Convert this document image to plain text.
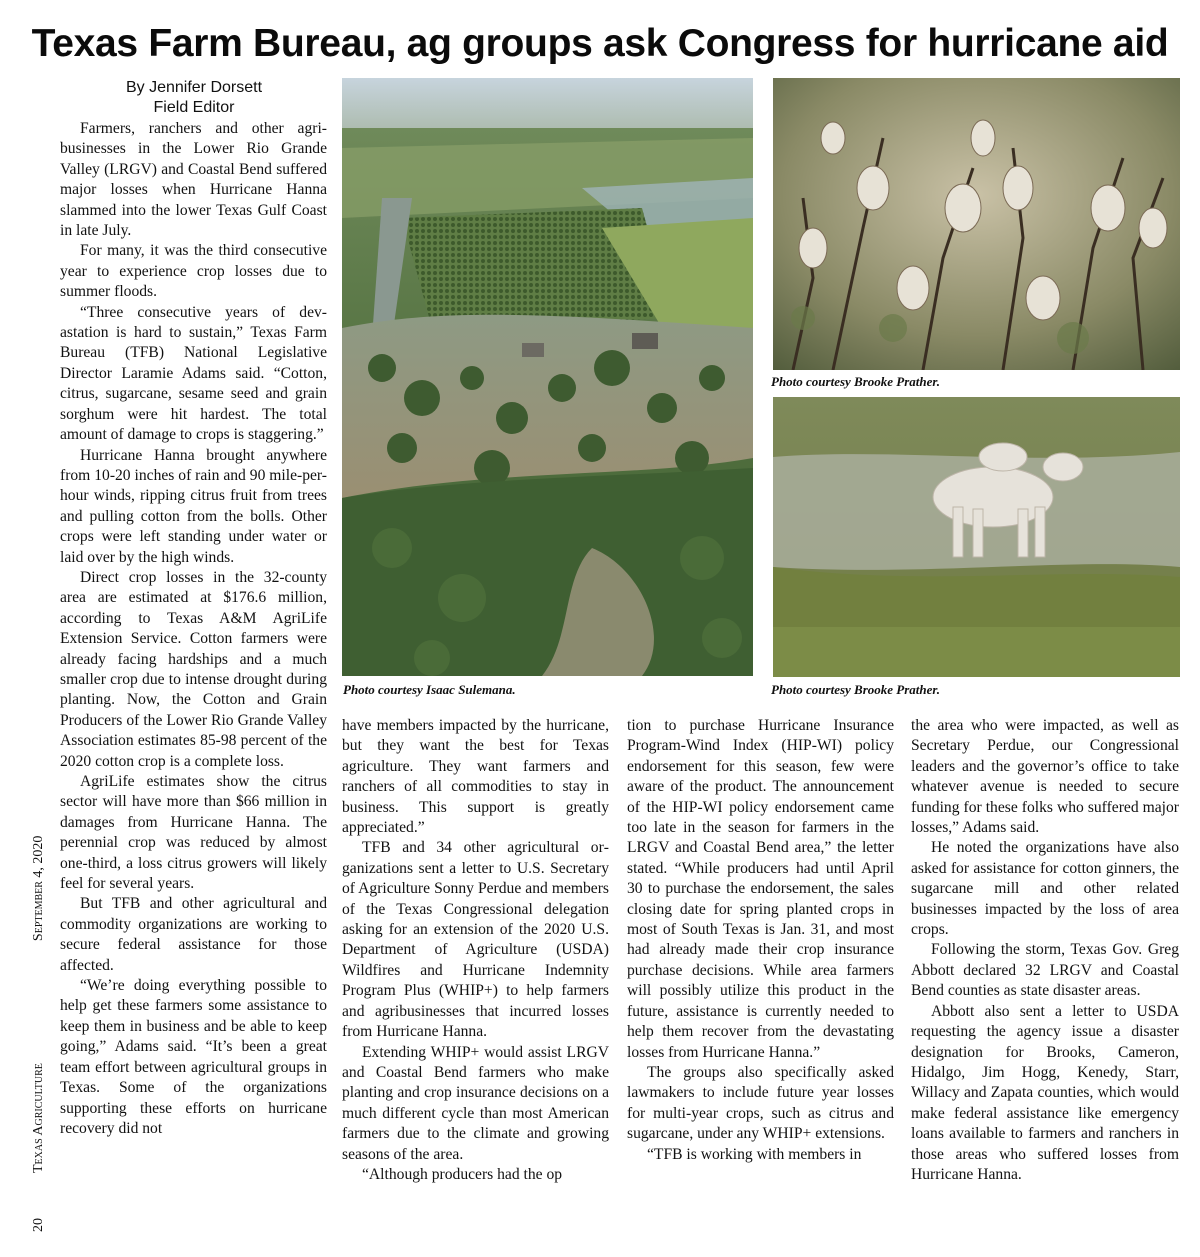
Texas Farm Bureau, ag groups ask Congress for hurricane aid
By Jennifer Dorsett
Field Editor

Farmers, ranchers and other agribusinesses in the Lower Rio Grande Valley (LRGV) and Coastal Bend suffered major losses when Hurricane Hanna slammed into the lower Texas Gulf Coast in late July.

For many, it was the third consecutive year to experience crop losses due to summer floods.

“Three consecutive years of devastation is hard to sustain,” Texas Farm Bureau (TFB) National Legislative Director Laramie Adams said. “Cotton, citrus, sugarcane, sesame seed and grain sorghum were hit hardest. The total amount of damage to crops is staggering.”

Hurricane Hanna brought anywhere from 10-20 inches of rain and 90 mile-per-hour winds, ripping citrus fruit from trees and pulling cotton from the bolls. Other crops were left standing under water or laid over by the high winds.

Direct crop losses in the 32-county area are estimated at $176.6 million, according to Texas A&M AgriLife Extension Service. Cotton farmers were already facing hardships and a much smaller crop due to intense drought during planting. Now, the Cotton and Grain Producers of the Lower Rio Grande Valley Association estimates 85-98 percent of the 2020 cotton crop is a complete loss.

AgriLife estimates show the citrus sector will have more than $66 million in damages from Hurricane Hanna. The perennial crop was reduced by almost one-third, a loss citrus growers will likely feel for several years.

But TFB and other agricultural and commodity organizations are working to secure federal assistance for those affected.

“We’re doing everything possible to help get these farmers some assistance to keep them in business and be able to keep going,” Adams said. “It’s been a great team effort between agricultural groups in Texas. Some of the organizations supporting these efforts on hurricane recovery did not

have members impacted by the hurricane, but they want the best for Texas agriculture. They want farmers and ranchers of all commodities to stay in business. This support is greatly appreciated.”

TFB and 34 other agricultural organizations sent a letter to U.S. Secretary of Agriculture Sonny Perdue and members of the Texas Congressional delegation asking for an extension of the 2020 U.S. Department of Agriculture (USDA) Wildfires and Hurricane Indemnity Program Plus (WHIP+) to help farmers and agribusinesses that incurred losses from Hurricane Hanna.

Extending WHIP+ would assist LRGV and Coastal Bend farmers who make planting and crop insurance decisions on a much different cycle than most American farmers due to the climate and growing seasons of the area.

“Although producers had the op

tion to purchase Hurricane Insurance Program-Wind Index (HIP-WI) policy endorsement for this season, few were aware of the product. The announcement of the HIP-WI policy endorsement came too late in the season for farmers in the LRGV and Coastal Bend area,” the letter stated. “While producers had until April 30 to purchase the endorsement, the sales closing date for spring planted crops in most of South Texas is Jan. 31, and most had already made their crop insurance purchase decisions. While area farmers will possibly utilize this product in the future, assistance is currently needed to help them recover from the devastating losses from Hurricane Hanna.”

The groups also specifically asked lawmakers to include future year losses for multi-year crops, such as citrus and sugarcane, under any WHIP+ extensions.

“TFB is working with members in

the area who were impacted, as well as Secretary Perdue, our Congressional leaders and the governor’s office to take whatever avenue is needed to secure funding for these folks who suffered major losses,” Adams said.

He noted the organizations have also asked for assistance for cotton ginners, the sugarcane mill and other related businesses impacted by the loss of area crops.

Following the storm, Texas Gov. Greg Abbott declared 32 LRGV and Coastal Bend counties as state disaster areas.

Abbott also sent a letter to USDA requesting the agency issue a disaster designation for Brooks, Cameron, Hidalgo, Jim Hogg, Kenedy, Starr, Willacy and Zapata counties, which would make federal assistance like emergency loans available to farmers and ranchers in those areas who suffered losses from Hurricane Hanna.

Photo courtesy Isaac Sulemana.
Photo courtesy Brooke Prather.
Photo courtesy Brooke Prather.
20  Texas Agriculture  September 4, 2020
